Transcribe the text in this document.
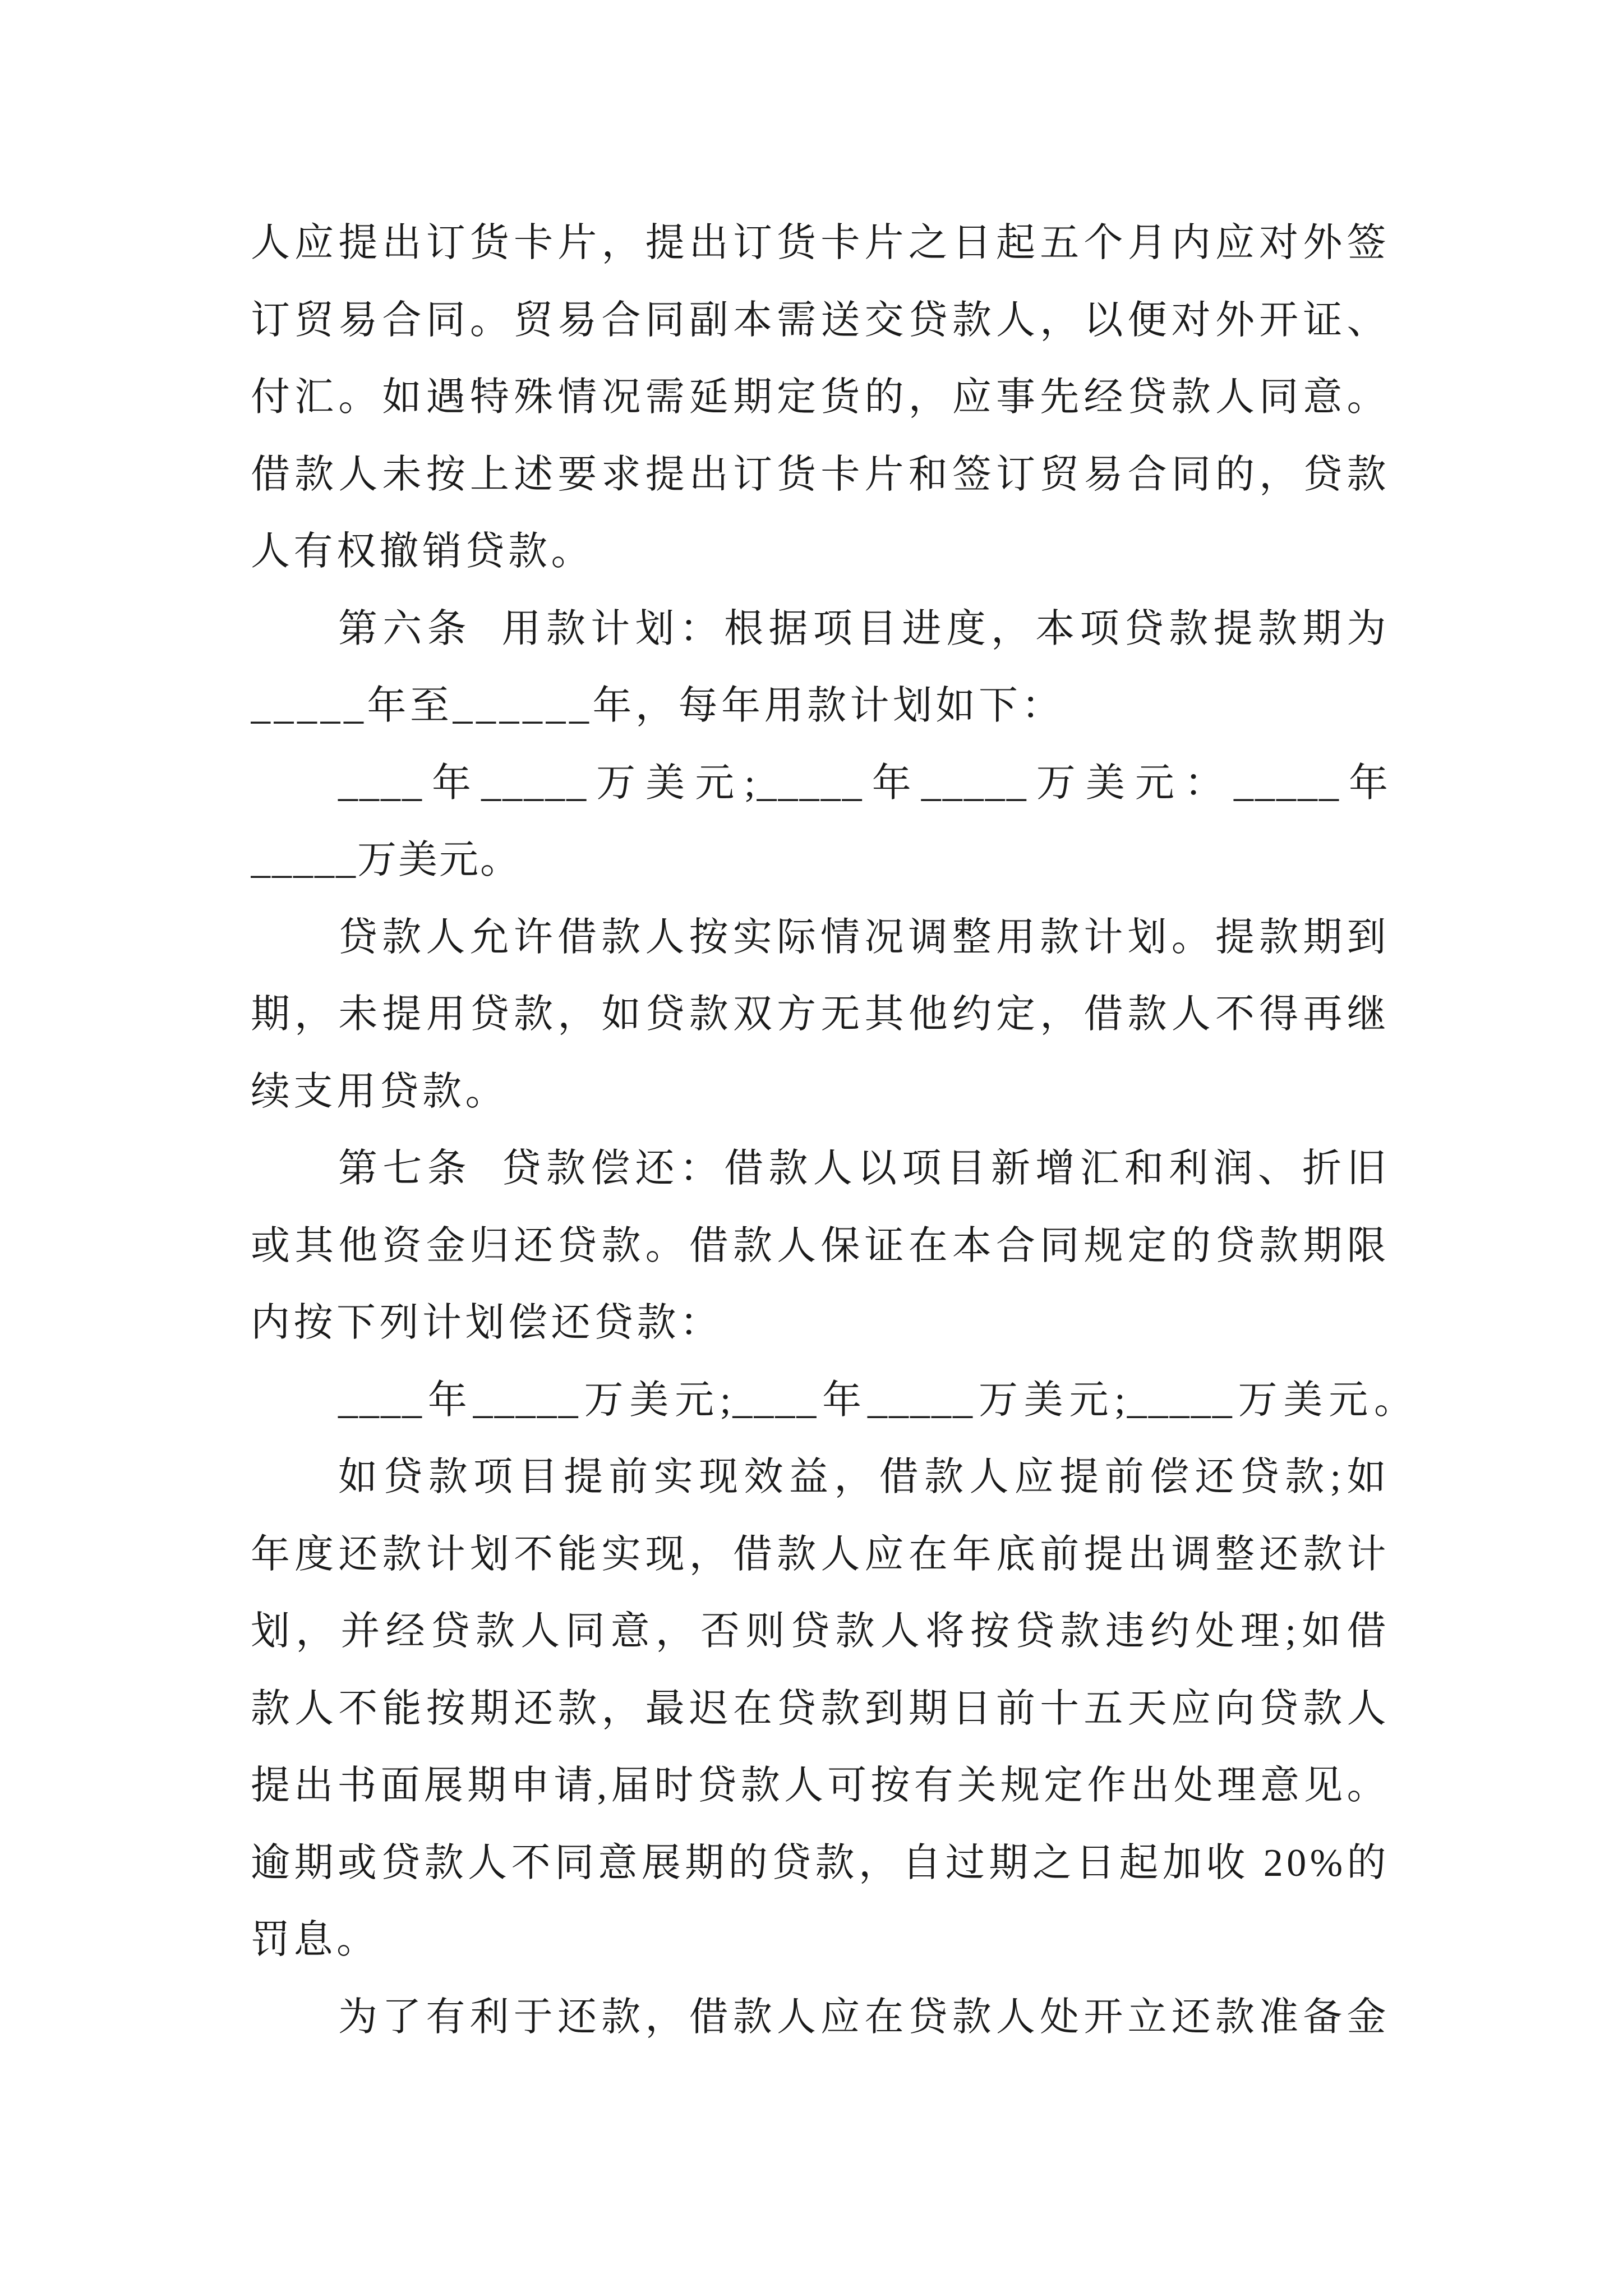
人应提出订货卡片，提出订货卡片之日起五个月内应对外签
订贸易合同。贸易合同副本需送交贷款人，以便对外开证、
付汇。如遇特殊情况需延期定货的，应事先经贷款人同意。
借款人未按上述要求提出订货卡片和签订贸易合同的，贷款
人有权撤销贷款。
第六条  用款计划：根据项目进度，本项贷款提款期为
_____年至______年，每年用款计划如下：
____年_____万美元;_____年_____万美元：_____年
_____万美元。
贷款人允许借款人按实际情况调整用款计划。提款期到
期，未提用贷款，如贷款双方无其他约定，借款人不得再继
续支用贷款。
第七条  贷款偿还：借款人以项目新增汇和利润、折旧
或其他资金归还贷款。借款人保证在本合同规定的贷款期限
内按下列计划偿还贷款：
____年_____万美元;____年_____万美元;_____万美元。
如贷款项目提前实现效益，借款人应提前偿还贷款;如
年度还款计划不能实现，借款人应在年底前提出调整还款计
划，并经贷款人同意，否则贷款人将按贷款违约处理;如借
款人不能按期还款，最迟在贷款到期日前十五天应向贷款人
提出书面展期申请,届时贷款人可按有关规定作出处理意见。
逾期或贷款人不同意展期的贷款，自过期之日起加收 20%的
罚息。
为了有利于还款，借款人应在贷款人处开立还款准备金
